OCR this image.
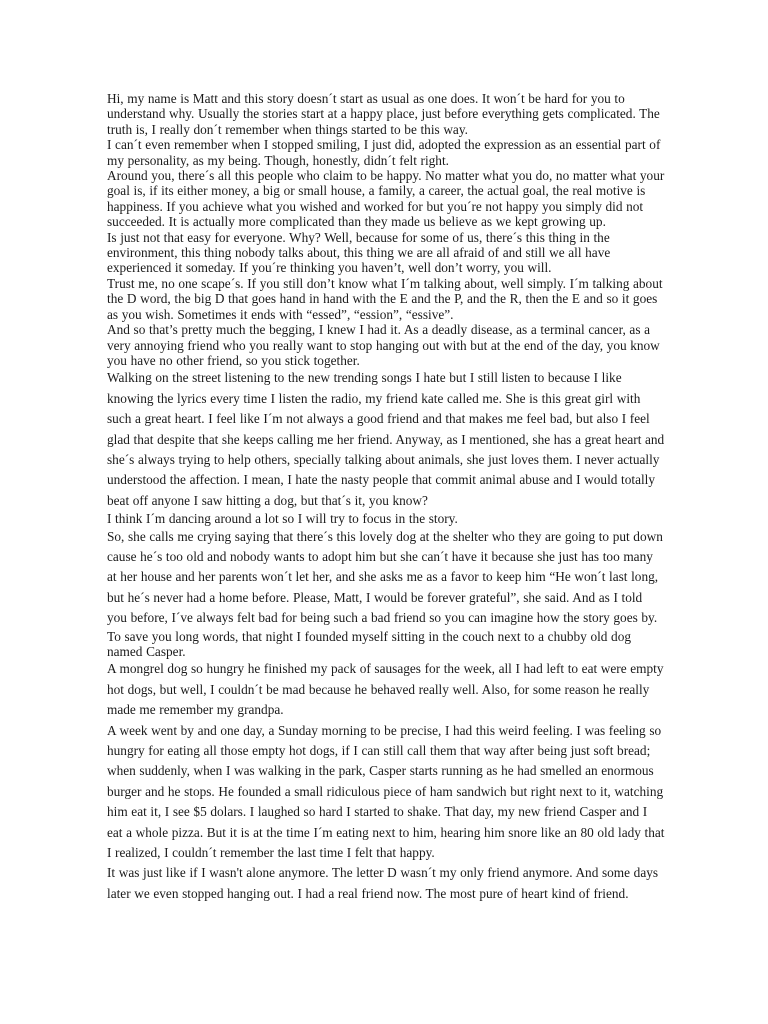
Hi, my name is Matt and this story doesn´t start as usual as one does. It won´t be hard for you to understand why. Usually the stories start at a happy place, just before everything gets complicated. The truth is, I really don´t remember when things started to be this way.

I can´t even remember when I stopped smiling, I just did, adopted the expression as an essential part of my personality, as my being. Though, honestly, didn´t felt right.

Around you, there´s all this people who claim to be happy. No matter what you do, no matter what your goal is, if its either money, a big or small house, a family, a career, the actual goal, the real motive is happiness. If you achieve what you wished and worked for but you´re not happy you simply did not succeeded. It is actually more complicated than they made us believe as we kept growing up.

Is just not that easy for everyone. Why? Well, because for some of us, there´s this thing in the environment, this thing nobody talks about, this thing we are all afraid of and still we all have experienced it someday. If you´re thinking you haven’t, well don’t worry, you will.

Trust me, no one scape´s. If you still don’t know what I´m talking about, well simply. I´m talking about the D word, the big D that goes hand in hand with the E and the P, and the R, then the E and so it goes as you wish. Sometimes it ends with “essed”, “ession”, “essive”.

And so that’s pretty much the begging, I knew I had it. As a deadly disease, as a terminal cancer, as a very annoying friend who you really want to stop hanging out with but at the end of the day, you know you have no other friend, so you stick together.

Walking on the street listening to the new trending songs I hate but I still listen to because I like knowing the lyrics every time I listen the radio, my friend kate called me. She is this great girl with such a great heart. I feel like I´m not always a good friend and that makes me feel bad, but also I feel glad that despite that she keeps calling me her friend. Anyway, as I mentioned, she has a great heart and she´s always trying to help others, specially talking about animals, she just loves them. I never actually understood the affection. I mean, I hate the nasty people that commit animal abuse and I would totally beat off anyone I saw hitting a dog, but that´s it, you know?

I think I´m dancing around a lot so I will try to focus in the story.

So, she calls me crying saying that there´s this lovely dog at the shelter who they are going to put down cause he´s too old and nobody wants to adopt him but she can´t have it because she just has too many at her house and her parents won´t let her, and she asks me as a favor to keep him “He won´t last long, but he´s never had a home before. Please, Matt, I would be forever grateful”, she said. And as I told you before, I´ve always felt bad for being such a bad friend so you can imagine how the story goes by.

To save you long words, that night I founded myself sitting in the couch next to a chubby old dog named Casper.

A mongrel dog so hungry he finished my pack of sausages for the week, all I had left to eat were empty hot dogs, but well, I couldn´t be mad because he behaved really well. Also, for some reason he really made me remember my grandpa.

A week went by and one day, a Sunday morning to be precise, I had this weird feeling. I was feeling so hungry for eating all those empty hot dogs, if I can still call them that way after being just soft bread; when suddenly, when I was walking in the park, Casper starts running as he had smelled an enormous burger and he stops. He founded a small ridiculous piece of ham sandwich but right next to it, watching him eat it, I see $5 dolars. I laughed so hard I started to shake. That day, my new friend Casper and I eat a whole pizza. But it is at the time I´m eating next to him, hearing him snore like an 80 old lady that I realized, I couldn´t remember the last time I felt that happy.

It was just like if I wasn't alone anymore. The letter D wasn´t my only friend anymore. And some days later we even stopped hanging out. I had a real friend now. The most pure of heart kind of friend.
